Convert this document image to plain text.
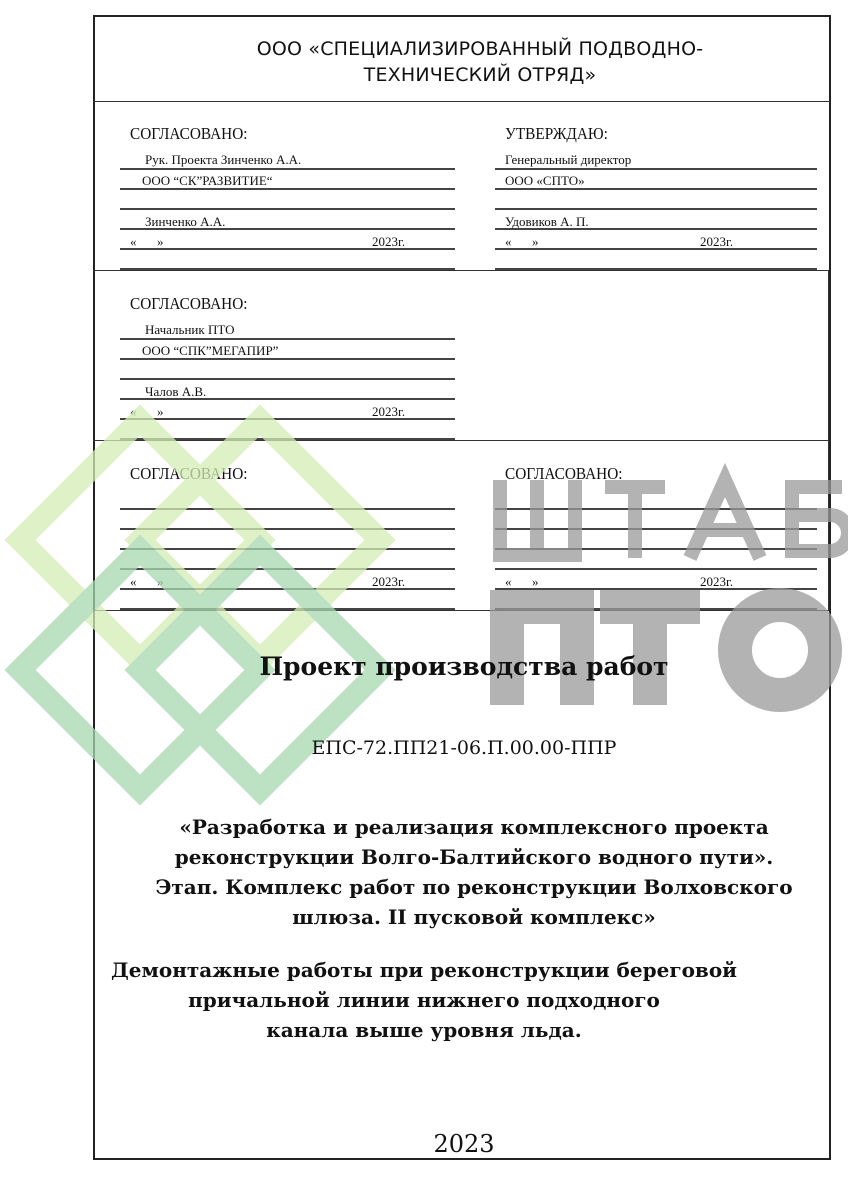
ООО «СПЕЦИАЛИЗИРОВАННЫЙ ПОДВОДНО-
ТЕХНИЧЕСКИЙ ОТРЯД»
СОГЛАСОВАНО:
Рук. Проекта Зинченко А.А.
ООО “СК”РАЗВИТИЕ“
Зинченко А.А.
« »	2023г.
УТВЕРЖДАЮ:
Генеральный директор
ООО «СПТО»
Удовиков А. П.
« »	2023г.
СОГЛАСОВАНО:
Начальник ПТО
ООО “СПК”МЕГАПИР”
Чалов А.В.
« »	2023г.
СОГЛАСОВАНО:
« »	2023г.
СОГЛАСОВАНО:
« »	2023г.
Проект производства работ
ЕПС-72.ПП21-06.П.00.00-ППР
«Разработка и реализация комплексного проекта
реконструкции Волго-Балтийского водного пути».
Этап. Комплекс работ по реконструкции Волховского
шлюза. II пусковой комплекс»
Демонтажные работы при реконструкции береговой
причальной линии нижнего подходного
канала выше уровня льда.
2023
